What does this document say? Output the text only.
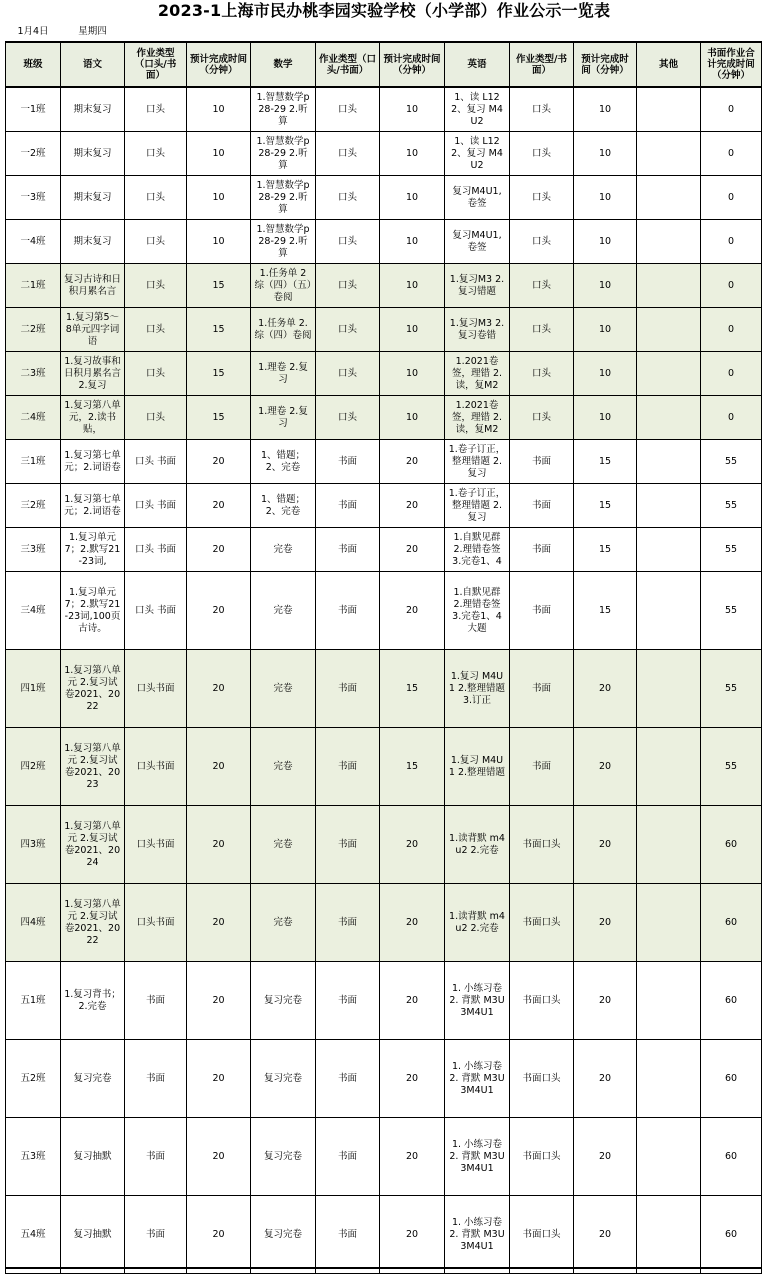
2023-1上海市民办桃李园实验学校（小学部）作业公示一览表
1月4日	星期四										
班级	语文	作业类型（口头/书面）	预计完成时间（分钟）	数学	作业类型（口头/书面）	预计完成时间（分钟）	英语	作业类型/书面）	预计完成时间（分钟）	其他	书面作业合计完成时间（分钟）
一1班	期末复习	口头	10	1.智慧数学p28-29 2.听算	口头	10	1、读 L12 2、复习 M4U2	口头	10		0
一2班	期末复习	口头	10	1.智慧数学p28-29 2.听算	口头	10	1、读 L12 2、复习 M4U2	口头	10		0
一3班	期末复习	口头	10	1.智慧数学p28-29 2.听算	口头	10	复习M4U1,卷签	口头	10		0
一4班	期末复习	口头	10	1.智慧数学p28-29 2.听算	口头	10	复习M4U1,卷签	口头	10		0
二1班	复习古诗和日积月累名言	口头	15	1.任务单 2 综（四）（五）卷阅	口头	10	1.复习M3 2.复习错题	口头	10		0
二2班	1.复习第5～8单元四字词语	口头	15	1.任务单 2.综（四）卷阅	口头	10	1.复习M3 2.复习卷错	口头	10		0
二3班	1.复习故事和日积月累名言 2.复习	口头	15	1.理卷 2.复习	口头	10	1.2021卷签，理错 2.读，复M2	口头	10		0
二4班	1.复习第八单元，2.读书贴，	口头	15	1.理卷 2.复习	口头	10	1.2021卷签，理错 2.读，复M2	口头	10		0
三1班	1.复习第七单元；2.词语卷	口头 书面	20	1、错题；2、完卷	书面	20	1.卷子订正，整理错题 2.复习	书面	15		55
三2班	1.复习第七单元；2.词语卷	口头 书面	20	1、错题；2、完卷	书面	20	1.卷子订正，整理错题 2.复习	书面	15		55
三3班	1.复习单元7；2.默写21-23词,	口头 书面	20	完卷	书面	20	1.自默见群 2.理错卷签 3.完卷1、4	书面	15		55
三4班	1.复习单元7；2.默写21-23词,100页古诗。	口头 书面	20	完卷	书面	20	1.自默见群 2.理错卷签 3.完卷1、4大题	书面	15		55
四1班	1.复习第八单元 2.复习试卷2021、2022	口头书面	20	完卷	书面	15	1.复习 M4U1 2.整理错题 3.订正	书面	20		55
四2班	1.复习第八单元 2.复习试卷2021、2023	口头书面	20	完卷	书面	15	1.复习 M4U1 2.整理错题	书面	20		55
四3班	1.复习第八单元 2.复习试卷2021、2024	口头书面	20	完卷	书面	20	1.读背默 m4u2 2.完卷	书面口头	20		60
四4班	1.复习第八单元 2.复习试卷2021、2022	口头书面	20	完卷	书面	20	1.读背默 m4u2 2.完卷	书面口头	20		60
五1班	1.复习背书；2.完卷	书面	20	复习完卷	书面	20	1. 小练习卷 2. 背默 M3U3M4U1	书面口头	20		60
五2班	复习完卷	书面	20	复习完卷	书面	20	1. 小练习卷 2. 背默 M3U3M4U1	书面口头	20		60
五3班	复习抽默	书面	20	复习完卷	书面	20	1. 小练习卷 2. 背默 M3U3M4U1	书面口头	20		60
五4班	复习抽默	书面	20	复习完卷	书面	20	1. 小练习卷 2. 背默 M3U3M4U1	书面口头	20		60
